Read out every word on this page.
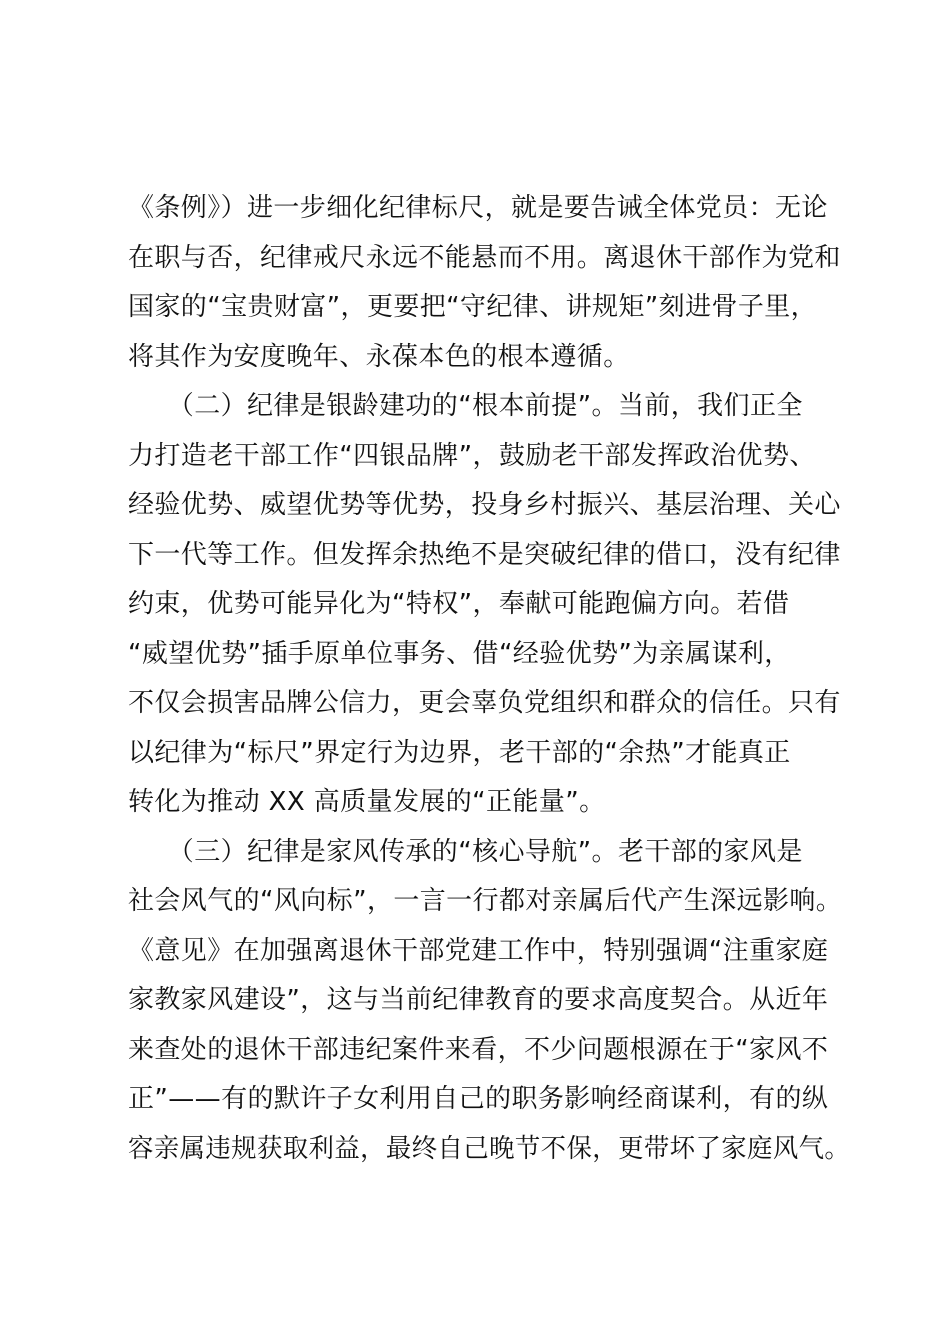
《条例》）进一步细化纪律标尺，就是要告诫全体党员：无论
在职与否，纪律戒尺永远不能悬而不用。离退休干部作为党和
国家的“宝贵财富”，更要把“守纪律、讲规矩”刻进骨子里，
将其作为安度晚年、永葆本色的根本遵循。
　　（二）纪律是银龄建功的“根本前提”。当前，我们正全
力打造老干部工作“四银品牌”，鼓励老干部发挥政治优势、
经验优势、威望优势等优势，投身乡村振兴、基层治理、关心
下一代等工作。但发挥余热绝不是突破纪律的借口，没有纪律
约束，优势可能异化为“特权”，奉献可能跑偏方向。若借
“威望优势”插手原单位事务、借“经验优势”为亲属谋利，
不仅会损害品牌公信力，更会辜负党组织和群众的信任。只有
以纪律为“标尺”界定行为边界，老干部的“余热”才能真正
转化为推动 XX 高质量发展的“正能量”。
　　（三）纪律是家风传承的“核心导航”。老干部的家风是
社会风气的“风向标”，一言一行都对亲属后代产生深远影响。
《意见》在加强离退休干部党建工作中，特别强调“注重家庭
家教家风建设”，这与当前纪律教育的要求高度契合。从近年
来查处的退休干部违纪案件来看，不少问题根源在于“家风不
正”——有的默许子女利用自己的职务影响经商谋利，有的纵
容亲属违规获取利益，最终自己晚节不保，更带坏了家庭风气。
